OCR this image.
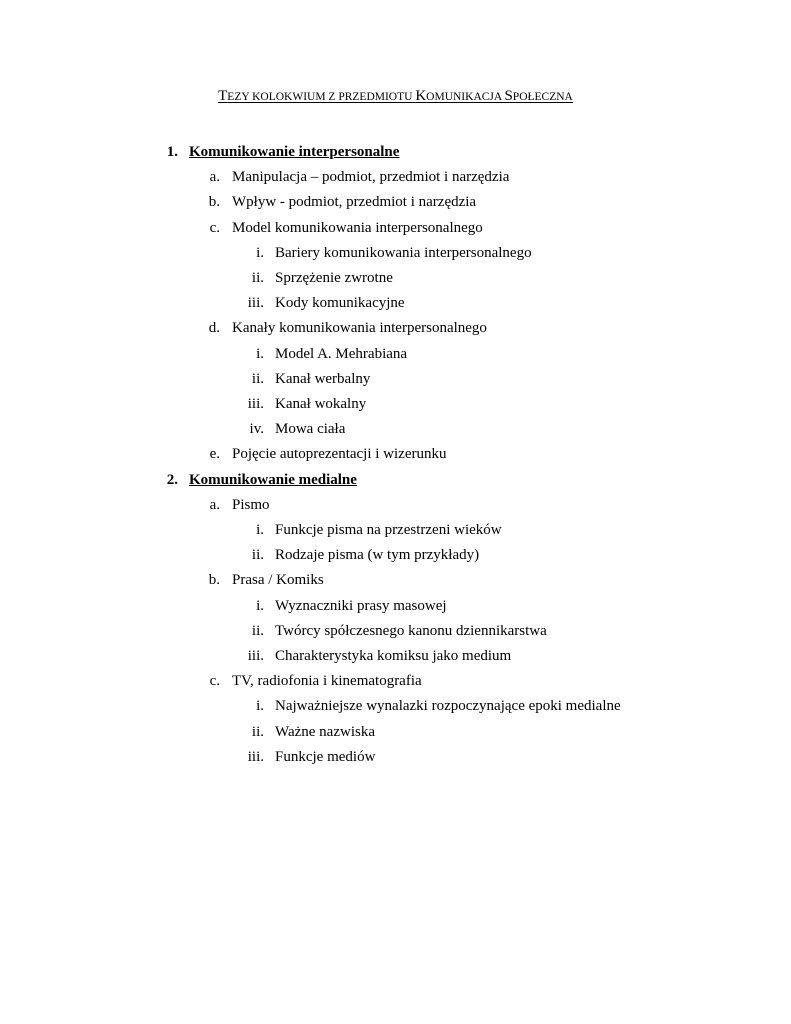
TEZY KOLOKWIUM Z PRZEDMIOTU KOMUNIKACJA SPOŁECZNA
1. Komunikowanie interpersonalne
a. Manipulacja – podmiot, przedmiot i narzędzia
b. Wpływ - podmiot, przedmiot i narzędzia
c. Model komunikowania interpersonalnego
i. Bariery komunikowania interpersonalnego
ii. Sprzężenie zwrotne
iii. Kody komunikacyjne
d. Kanały komunikowania interpersonalnego
i. Model A. Mehrabiana
ii. Kanał werbalny
iii. Kanał wokalny
iv. Mowa ciała
e. Pojęcie autoprezentacji i wizerunku
2. Komunikowanie medialne
a. Pismo
i. Funkcje pisma na przestrzeni wieków
ii. Rodzaje pisma (w tym przykłady)
b. Prasa / Komiks
i. Wyznaczniki prasy masowej
ii. Twórcy spółczesnego kanonu dziennikarstwa
iii. Charakterystyka komiksu jako medium
c. TV, radiofonia i kinematografia
i. Najważniejsze wynalazki rozpoczynające epoki medialne
ii. Ważne nazwiska
iii. Funkcje mediów
